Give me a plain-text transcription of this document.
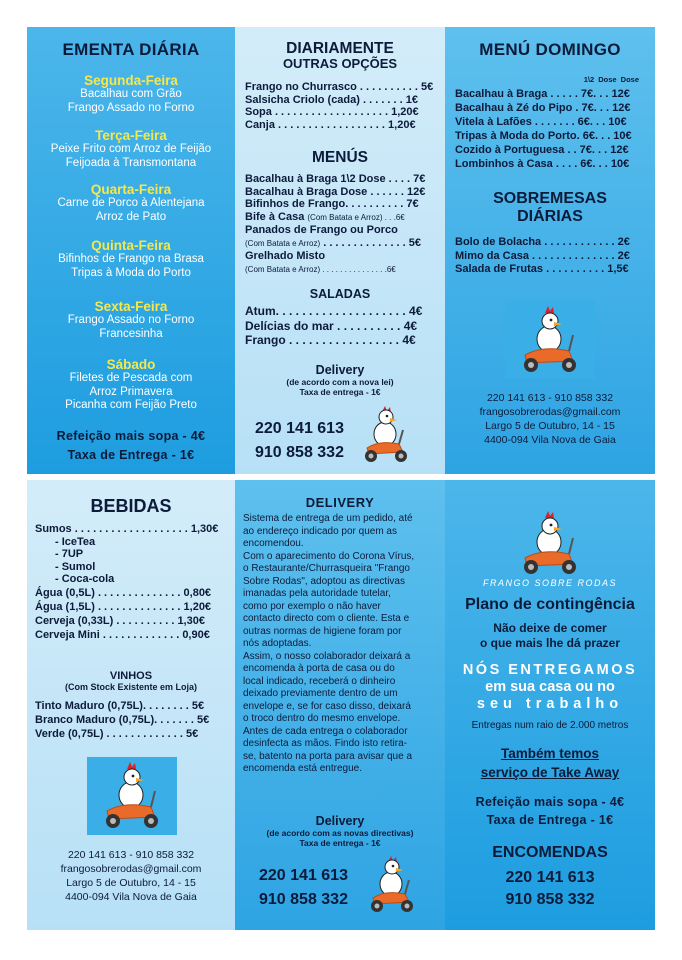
EMENTA DIÁRIA
Segunda-Feira
Bacalhau com Grão
Frango Assado no Forno
Terça-Feira
Peixe Frito com Arroz de Feijão
Feijoada à Transmontana
Quarta-Feira
Carne de Porco à Alentejana
Arroz de Pato
Quinta-Feira
Bifinhos de Frango na Brasa
Tripas à Moda do Porto
Sexta-Feira
Frango Assado no Forno
Francesinha
Sábado
Filetes de Pescada com
Arroz Primavera
Picanha com Feijão Preto
Refeição mais sopa - 4€
Taxa de Entrega - 1€
DIARIAMENTE
OUTRAS OPÇÕES
Frango no Churrasco . . . . . . . . . . 5€
Salsicha Criolo (cada) . . . . . . . 1€
Sopa . . . . . . . . . . . . . . . . . . . 1,20€
Canja . . . . . . . . . . . . . . . . . . 1,20€
MENÚS
Bacalhau à Braga 1\2 Dose . . . . 7€
Bacalhau à Braga Dose . . . . . . 12€
Bifinhos de Frango. . . . . . . . . . 7€
Bife à Casa (Com Batata e Arroz) . . .6€
Panados de Frango ou Porco
(Com Batata e Arroz) . . . . . . . . . . . . . . 5€
Grelhado Misto
(Com Batata e Arroz) . . . . . . . . . . . . . . .6€
SALADAS
Atum. . . . . . . . . . . . . . . . . . . . 4€
Delícias do mar . . . . . . . . . . 4€
Frango . . . . . . . . . . . . . . . . . 4€
Delivery
(de acordo com a nova lei)
Taxa de entrega - 1€
220 141 613
910 858 332
MENÚ DOMINGO
1\2 Dose Dose
Bacalhau à Braga . . . . . 7€. . . 12€
Bacalhau à Zé do Pipo . 7€. . . 12€
Vitela à Lafões . . . . . . . 6€. . . 10€
Tripas à Moda do Porto. 6€. . . 10€
Cozido à Portuguesa . . 7€. . . 12€
Lombinhos à Casa . . . . 6€. . . 10€
SOBREMESAS
DIÁRIAS
Bolo de Bolacha . . . . . . . . . . . . 2€
Mimo da Casa . . . . . . . . . . . . . . 2€
Salada de Frutas . . . . . . . . . . 1,5€
220 141 613 - 910 858 332
frangosobrerodas@gmail.com
Largo 5 de Outubro, 14 - 15
4400-094 Vila Nova de Gaia
BEBIDAS
Sumos . . . . . . . . . . . . . . . . . . . 1,30€
- IceTea
- 7UP
- Sumol
- Coca-cola
Água (0,5L) . . . . . . . . . . . . . . 0,80€
Água (1,5L) . . . . . . . . . . . . . . 1,20€
Cerveja (0,33L) . . . . . . . . . . 1,30€
Cerveja Mini . . . . . . . . . . . . . 0,90€
VINHOS
(Com Stock Existente em Loja)
Tinto Maduro (0,75L). . . . . . . . 5€
Branco Maduro (0,75L). . . . . . . 5€
Verde (0,75L) . . . . . . . . . . . . . 5€
220 141 613 - 910 858 332
frangosobrerodas@gmail.com
Largo 5 de Outubro, 14 - 15
4400-094 Vila Nova de Gaia
DELIVERY
Sistema de entrega de um pedido, até
ao endereço indicado por quem as
encomendou.
Com o aparecimento do Corona Vírus,
o Restaurante/Churrasqueira "Frango
Sobre Rodas", adoptou as directivas
imanadas pela autoridade tutelar,
como por exemplo o não haver
contacto directo com o cliente. Esta e
outras normas de higiene foram por
nós adoptadas.
Assim, o nosso colaborador deixará a
encomenda à porta de casa ou do
local indicado, receberá o dinheiro
deixado previamente dentro de um
envelope e, se for caso disso, deixará
o troco dentro do mesmo envelope.
Antes de cada entrega o colaborador
desinfecta as mãos. Findo isto retira-
se, batento na porta para avisar que a
encomenda está entregue.
Delivery
(de acordo com as novas directivas)
Taxa de entrega - 1€
220 141 613
910 858 332
FRANGO SOBRE RODAS
Plano de contingência
Não deixe de comer
o que mais lhe dá prazer
NÓS ENTREGAMOS
em sua casa ou no
seu trabalho
Entregas num raio de 2.000 metros
Também temos
serviço de Take Away
Refeição mais sopa - 4€
Taxa de Entrega - 1€
ENCOMENDAS
220 141 613
910 858 332
